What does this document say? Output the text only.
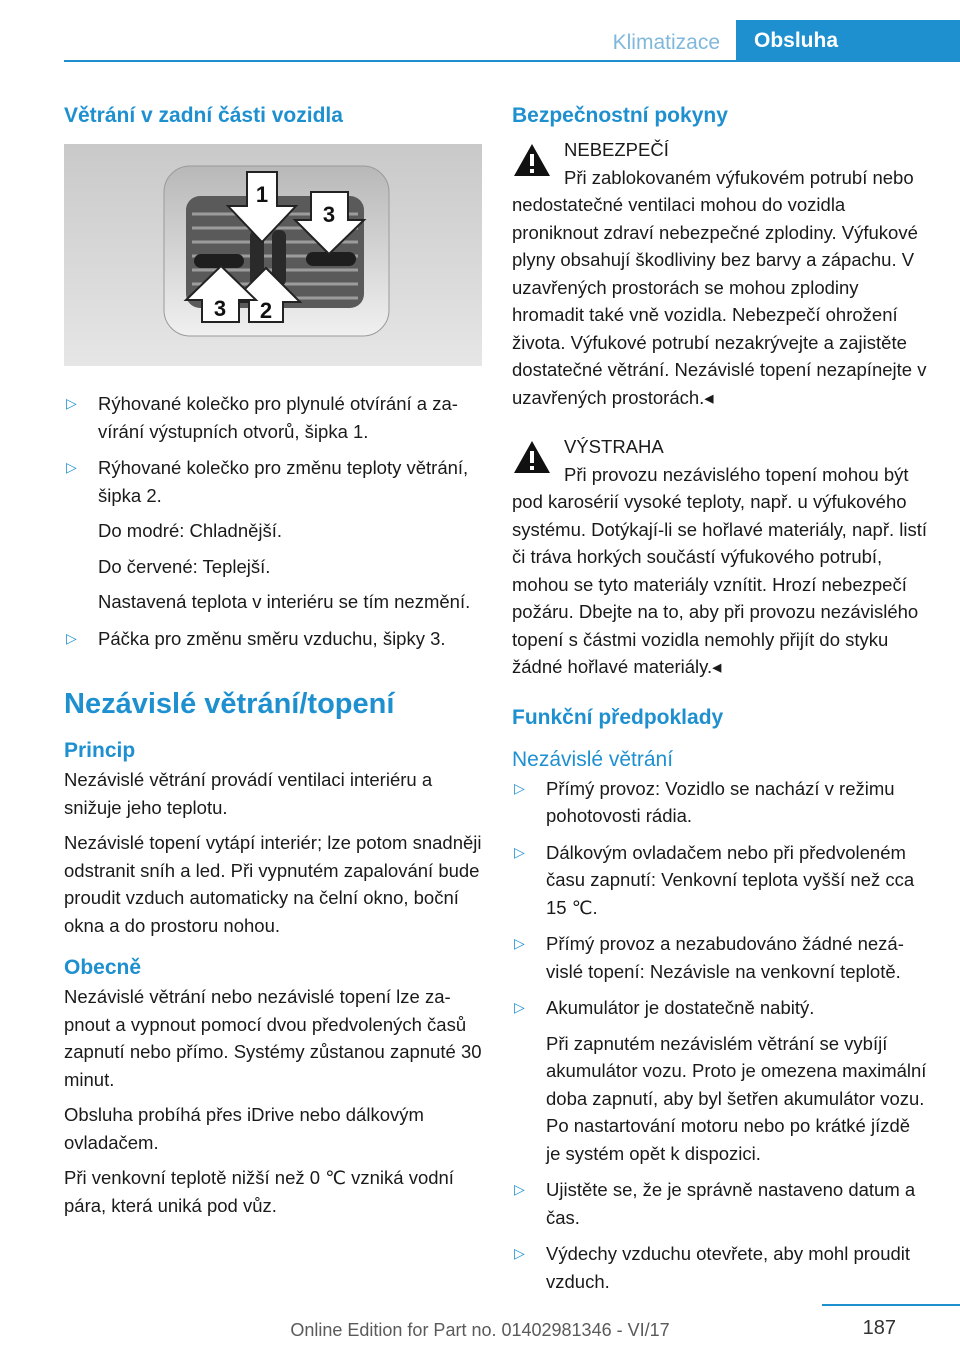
Klimatizace	Obsluha
Větrání v zadní části vozidla
1
2
3
3
▷ Rýhované kolečko pro plynulé otvírání a zavírání výstupních otvorů, šipka 1.
▷ Rýhované kolečko pro změnu teploty větrání, šipka 2.

Do modré: Chladnější.

Do červené: Teplejší.

Nastavená teplota v interiéru se tím nezmění.

▷ Páčka pro změnu směru vzduchu, šipky 3.
Nezávislé větrání/topení
Princip

Nezávislé větrání provádí ventilaci interiéru a snižuje jeho teplotu.

Nezávislé topení vytápí interiér; lze potom snadněji odstranit sníh a led. Při vypnutém zapalování bude proudit vzduch automaticky na čelní okno, boční okna a do prostoru nohou.

Obecně

Nezávislé větrání nebo nezávislé topení lze zapnout a vypnout pomocí dvou předvolených časů zapnutí nebo přímo. Systémy zůstanou zapnuté 30 minut.

Obsluha probíhá přes iDrive nebo dálkovým ovladačem.

Při venkovní teplotě nižší než 0 ℃ vzniká vodní pára, která uniká pod vůz.

Bezpečnostní pokyny
NEBEZPEČÍ

Při zablokovaném výfukovém potrubí nebo nedostatečné ventilaci mohou do vozidla proniknout zdraví nebezpečné zplodiny. Výfukové plyny obsahují škodliviny bez barvy a zápachu. V uzavřených prostorách se mohou zplodiny hromadit také vně vozidla. Nebezpečí ohrožení života. Výfukové potrubí nezakrývejte a zajistěte dostatečné větrání. Nezávislé topení nezapínejte v uzavřených prostorách.◂

VÝSTRAHA

Při provozu nezávislého topení mohou být pod karosérií vysoké teploty, např. u výfukového systému. Dotýkají-li se hořlavé materiály, např. listí či tráva horkých součástí výfukového potrubí, mohou se tyto materiály vznítit. Hrozí nebezpečí požáru. Dbejte na to, aby při provozu nezávislého topení s částmi vozidla nemohly přijít do styku žádné hořlavé materiály.◂

Funkční předpoklady
Nezávislé větrání
▷ Přímý provoz: Vozidlo se nachází v režimu pohotovosti rádia.
▷ Dálkovým ovladačem nebo při předvoleném času zapnutí: Venkovní teplota vyšší než cca 15 ℃.
▷ Přímý provoz a nezabudováno žádné nezávislé topení: Nezávisle na venkovní teplotě.
▷ Akumulátor je dostatečně nabitý.

Při zapnutém nezávislém větrání se vybíjí akumulátor vozu. Proto je omezena maximální doba zapnutí, aby byl šetřen akumulátor vozu. Po nastartování motoru nebo po krátké jízdě je systém opět k dispozici.

▷ Ujistěte se, že je správně nastaveno datum a čas.
▷ Výdechy vzduchu otevřete, aby mohl proudit vzduch.
187
Online Edition for Part no. 01402981346 - VI/17
